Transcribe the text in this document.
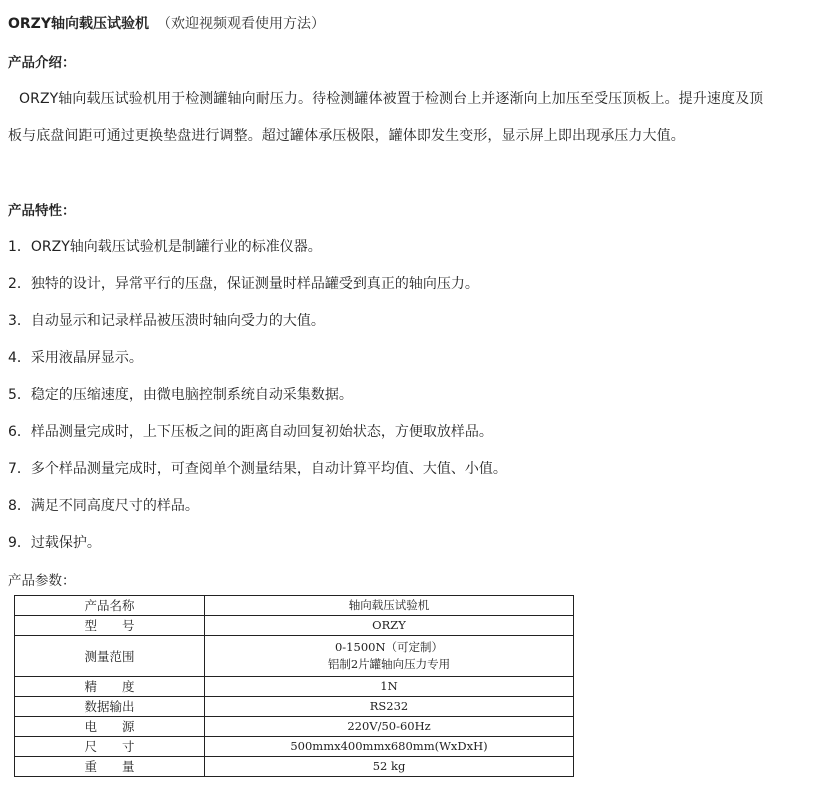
ORZY轴向载压试验机 （欢迎视频观看使用方法）
产品介绍：
ORZY轴向载压试验机用于检测罐轴向耐压力。待检测罐体被置于检测台上并逐渐向上加压至受压顶板上。提升速度及顶
板与底盘间距可通过更换垫盘进行调整。超过罐体承压极限，罐体即发生变形，显示屏上即出现承压力大值。
产品特性：
1．ORZY轴向载压试验机是制罐行业的标准仪器。
2．独特的设计，异常平行的压盘，保证测量时样品罐受到真正的轴向压力。
3．自动显示和记录样品被压溃时轴向受力的大值。
4．采用液晶屏显示。
5．稳定的压缩速度，由微电脑控制系统自动采集数据。
6．样品测量完成时，上下压板之间的距离自动回复初始状态，方便取放样品。
7．多个样品测量完成时，可查阅单个测量结果，自动计算平均值、大值、小值。
8．满足不同高度尺寸的样品。
9．过载保护。
产品参数：
产品名称	轴向载压试验机
型　　号	ORZY
测量范围	0-1500N（可定制）
铝制2片罐轴向压力专用

精　　度	1N
数据输出	RS232
电　　源	220V/50-60Hz
尺　　寸	500mmx400mmx680mm(WxDxH)
重　　量	52 kg
